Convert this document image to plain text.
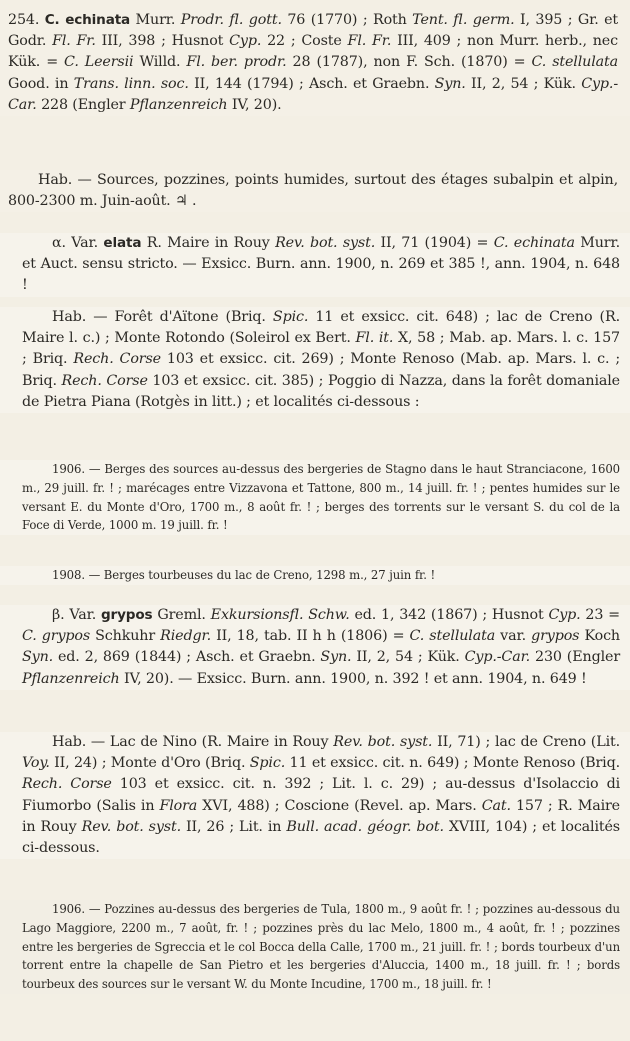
254. C. echinata Murr. Prodr. fl. gott. 76 (1770) ; Roth Tent. fl. germ. I, 395 ; Gr. et Godr. Fl. Fr. III, 398 ; Husnot Cyp. 22 ; Coste Fl. Fr. III, 409 ; non Murr. herb., nec Kük. = C. Leersii Willd. Fl. ber. prodr. 28 (1787), non F. Sch. (1870) = C. stellulata Good. in Trans. linn. soc. II, 144 (1794) ; Asch. et Graebn. Syn. II, 2, 54 ; Kük. Cyp.-Car. 228 (Engler Pflanzenreich IV, 20).

Hab. — Sources, pozzines, points humides, surtout des étages subalpin et alpin, 800-2300 m. Juin-août. ♃ .

α. Var. elata R. Maire in Rouy Rev. bot. syst. II, 71 (1904) = C. echinata Murr. et Auct. sensu stricto. — Exsicc. Burn. ann. 1900, n. 269 et 385 !, ann. 1904, n. 648 !

Hab. — Forêt d'Aïtone (Briq. Spic. 11 et exsicc. cit. 648) ; lac de Creno (R. Maire l. c.) ; Monte Rotondo (Soleirol ex Bert. Fl. it. X, 58 ; Mab. ap. Mars. l. c. 157 ; Briq. Rech. Corse 103 et exsicc. cit. 269) ; Monte Renoso (Mab. ap. Mars. l. c. ; Briq. Rech. Corse 103 et exsicc. cit. 385) ; Poggio di Nazza, dans la forêt domaniale de Pietra Piana (Rotgès in litt.) ; et localités ci-dessous :

1906. — Berges des sources au-dessus des bergeries de Stagno dans le haut Stranciacone, 1600 m., 29 juill. fr. ! ; marécages entre Vizzavona et Tattone, 800 m., 14 juill. fr. ! ; pentes humides sur le versant E. du Monte d'Oro, 1700 m., 8 août fr. ! ; berges des torrents sur le versant S. du col de la Foce di Verde, 1000 m. 19 juill. fr. !

1908. — Berges tourbeuses du lac de Creno, 1298 m., 27 juin fr. !

β. Var. grypos Greml. Exkursionsfl. Schw. ed. 1, 342 (1867) ; Husnot Cyp. 23 = C. grypos Schkuhr Riedgr. II, 18, tab. II h h (1806) = C. stellulata var. grypos Koch Syn. ed. 2, 869 (1844) ; Asch. et Graebn. Syn. II, 2, 54 ; Kük. Cyp.-Car. 230 (Engler Pflanzenreich IV, 20). — Exsicc. Burn. ann. 1900, n. 392 ! et ann. 1904, n. 649 !

Hab. — Lac de Nino (R. Maire in Rouy Rev. bot. syst. II, 71) ; lac de Creno (Lit. Voy. II, 24) ; Monte d'Oro (Briq. Spic. 11 et exsicc. cit. n. 649) ; Monte Renoso (Briq. Rech. Corse 103 et exsicc. cit. n. 392 ; Lit. l. c. 29) ; au-dessus d'Isolaccio di Fiumorbo (Salis in Flora XVI, 488) ; Coscione (Revel. ap. Mars. Cat. 157 ; R. Maire in Rouy Rev. bot. syst. II, 26 ; Lit. in Bull. acad. géogr. bot. XVIII, 104) ; et localités ci-dessous.

1906. — Pozzines au-dessus des bergeries de Tula, 1800 m., 9 août fr. ! ; pozzines au-dessous du Lago Maggiore, 2200 m., 7 août, fr. ! ; pozzines près du lac Melo, 1800 m., 4 août, fr. ! ; pozzines entre les bergeries de Sgreccia et le col Bocca della Calle, 1700 m., 21 juill. fr. ! ; bords tourbeux d'un torrent entre la chapelle de San Pietro et les bergeries d'Aluccia, 1400 m., 18 juill. fr. ! ; bords tourbeux des sources sur le versant W. du Monte Incudine, 1700 m., 18 juill. fr. !
